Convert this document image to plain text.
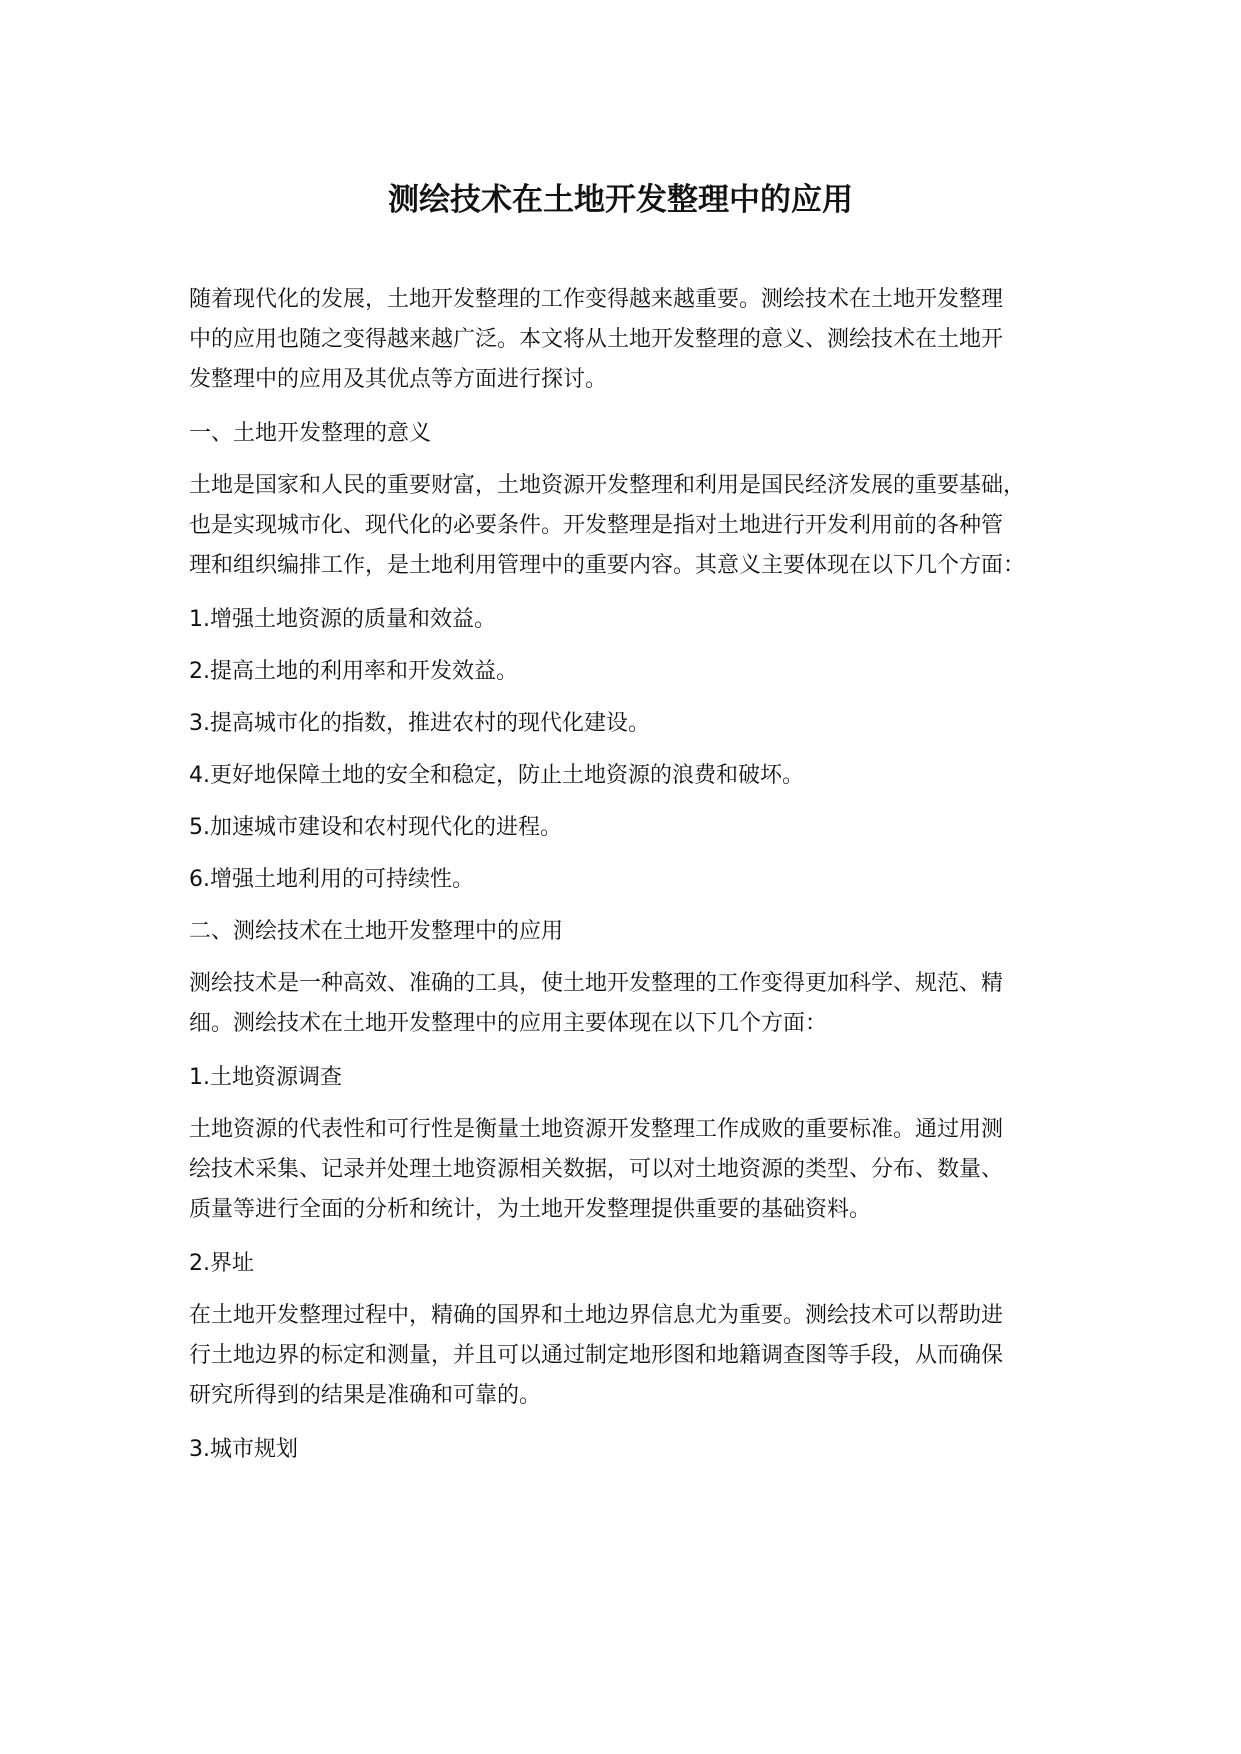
测绘技术在土地开发整理中的应用

随着现代化的发展，土地开发整理的工作变得越来越重要。测绘技术在土地开发整理
中的应用也随之变得越来越广泛。本文将从土地开发整理的意义、测绘技术在土地开
发整理中的应用及其优点等方面进行探讨。

一、土地开发整理的意义

土地是国家和人民的重要财富，土地资源开发整理和利用是国民经济发展的重要基础，
也是实现城市化、现代化的必要条件。开发整理是指对土地进行开发利用前的各种管
理和组织编排工作，是土地利用管理中的重要内容。其意义主要体现在以下几个方面：

1.增强土地资源的质量和效益。

2.提高土地的利用率和开发效益。

3.提高城市化的指数，推进农村的现代化建设。

4.更好地保障土地的安全和稳定，防止土地资源的浪费和破坏。

5.加速城市建设和农村现代化的进程。

6.增强土地利用的可持续性。

二、测绘技术在土地开发整理中的应用

测绘技术是一种高效、准确的工具，使土地开发整理的工作变得更加科学、规范、精
细。测绘技术在土地开发整理中的应用主要体现在以下几个方面：

1.土地资源调查

土地资源的代表性和可行性是衡量土地资源开发整理工作成败的重要标准。通过用测
绘技术采集、记录并处理土地资源相关数据，可以对土地资源的类型、分布、数量、
质量等进行全面的分析和统计，为土地开发整理提供重要的基础资料。

2.界址

在土地开发整理过程中，精确的国界和土地边界信息尤为重要。测绘技术可以帮助进
行土地边界的标定和测量，并且可以通过制定地形图和地籍调查图等手段，从而确保
研究所得到的结果是准确和可靠的。

3.城市规划
